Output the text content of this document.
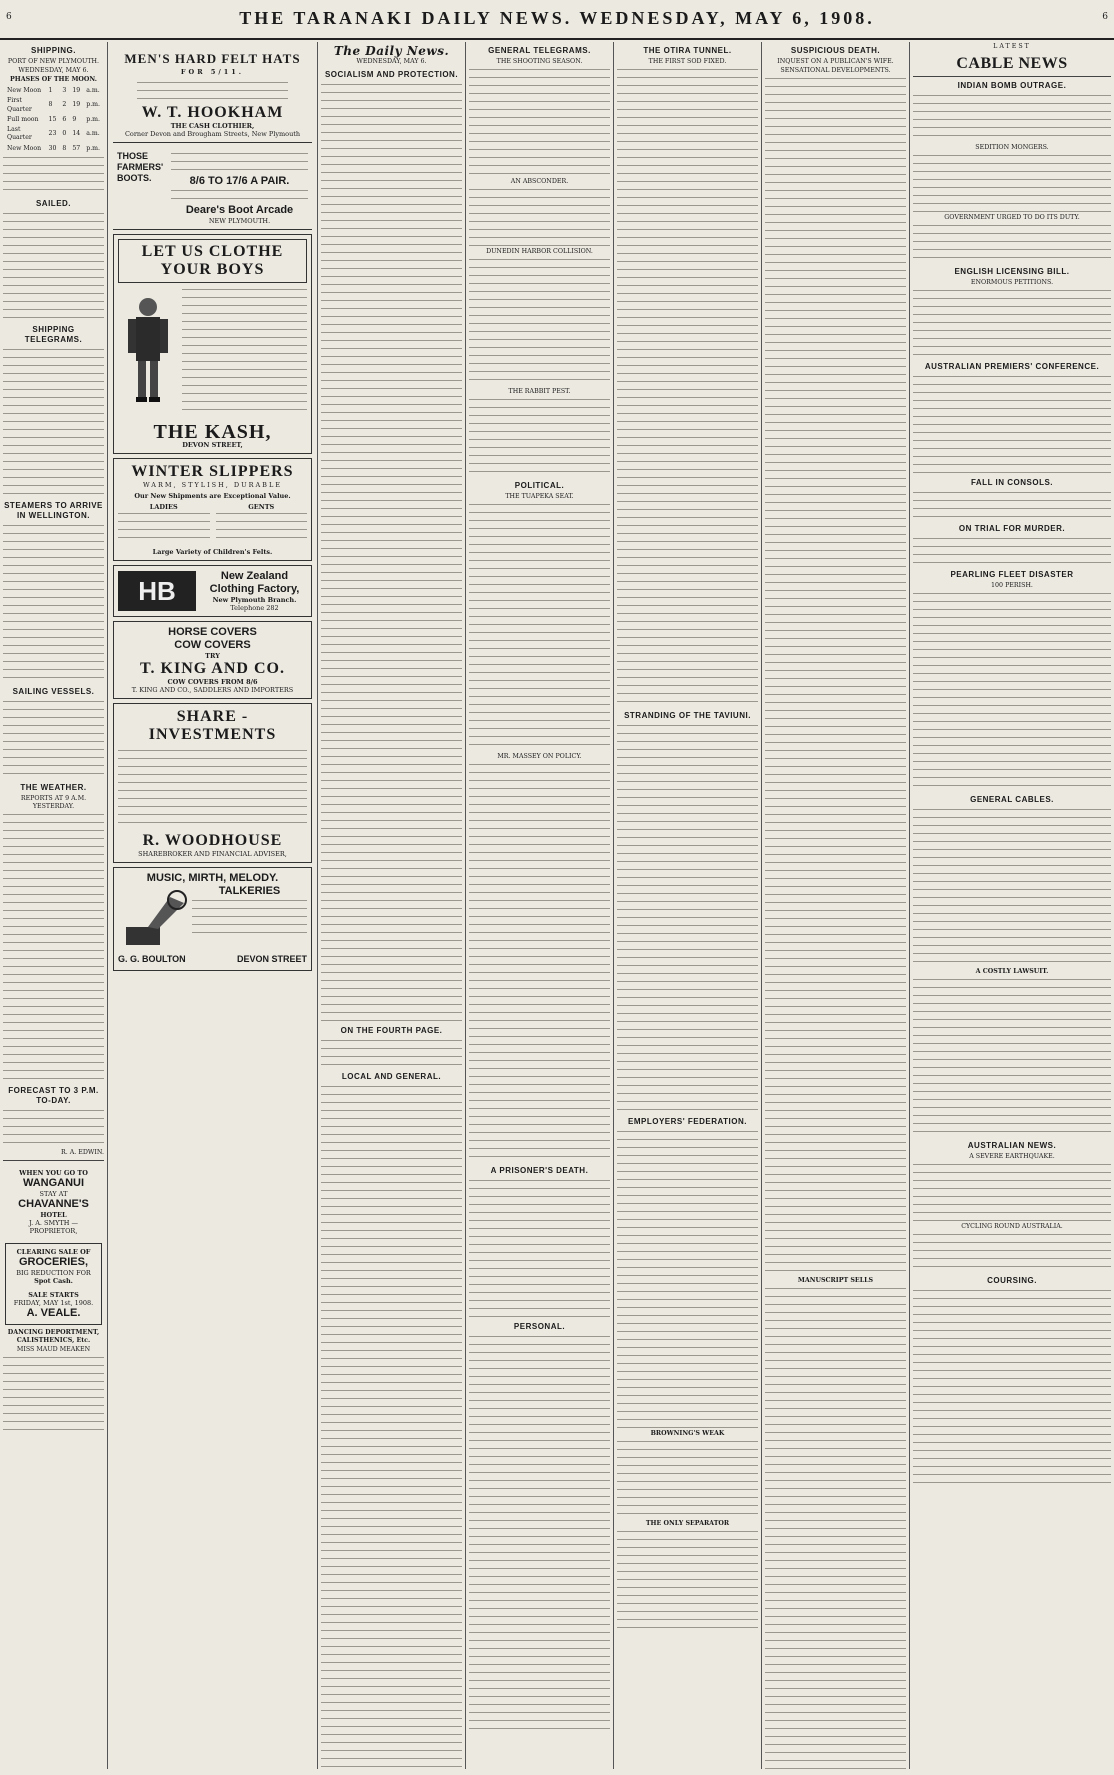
6	THE TARANAKI DAILY NEWS. WEDNESDAY, MAY 6, 1908.	6
SHIPPING.
PORT OF NEW PLYMOUTH.
WEDNESDAY, MAY 6.
PHASES OF THE MOON.
New Moon	1	3	19	a.m.
First Quarter	8	2	19	p.m.
Full moon	15	6	9	p.m.
Last Quarter	23	0	14	a.m.
New Moon	30	8	57	p.m.
SAILED.
SHIPPING TELEGRAMS.
STEAMERS TO ARRIVE IN WELLINGTON.
SAILING VESSELS.
THE WEATHER.
REPORTS AT 9 A.M. YESTERDAY.
FORECAST TO 3 P.M. TO-DAY.
R. A. EDWIN.
WHEN YOU GO TO
WANGANUI
STAY AT
CHAVANNE'S
HOTEL
J. A. SMYTH — PROPRIETOR,
CLEARING SALE OF
GROCERIES,
BIG REDUCTION FOR
Spot Cash.
SALE STARTS
FRIDAY, MAY 1st, 1908.
A. VEALE.
DANCING DEPORTMENT, CALISTHENICS, Etc.
MISS MAUD MEAKEN
MEN'S HARD FELT HATS
FOR 5/11.
W. T. HOOKHAM
THE CASH CLOTHIER,
Corner Devon and Brougham Streets, New Plymouth
THOSE FARMERS' BOOTS.	8/6 TO 17/6 A PAIR.
Deare's Boot Arcade
NEW PLYMOUTH.
LET US CLOTHE YOUR BOYS
THE KASH,
DEVON STREET,
WINTER SLIPPERS
WARM, STYLISH, DURABLE
Our New Shipments are Exceptional Value.
LADIES	GENTS
Large Variety of Children's Felts.
HB	New Zealand Clothing Factory,
New Plymouth Branch.
Telephone 282
HORSE COVERS
COW COVERS
TRY
T. KING AND CO.
COW COVERS FROM 8/6
T. KING AND CO., SADDLERS AND IMPORTERS
SHARE - INVESTMENTS
R. WOODHOUSE
SHAREBROKER AND FINANCIAL ADVISER,
MUSIC, MIRTH, MELODY.
TALKERIES
G. G. BOULTON	DEVON STREET
The Daily News.
WEDNESDAY, MAY 6.
SOCIALISM AND PROTECTION.
ON THE FOURTH PAGE.
LOCAL AND GENERAL.
GENERAL TELEGRAMS.
THE SHOOTING SEASON.
AN ABSCONDER.
DUNEDIN HARBOR COLLISION.
THE RABBIT PEST.
POLITICAL.
THE TUAPEKA SEAT.
MR. MASSEY ON POLICY.
A PRISONER'S DEATH.
PERSONAL.
THE OTIRA TUNNEL.
THE FIRST SOD FIXED.
STRANDING OF THE TAVIUNI.
EMPLOYERS' FEDERATION.
BROWNING'S WEAK
THE ONLY SEPARATOR
SUSPICIOUS DEATH.
INQUEST ON A PUBLICAN'S WIFE.
SENSATIONAL DEVELOPMENTS.
MANUSCRIPT SELLS
LATEST
CABLE NEWS
INDIAN BOMB OUTRAGE.
SEDITION MONGERS.
GOVERNMENT URGED TO DO ITS DUTY.
ENGLISH LICENSING BILL.
ENORMOUS PETITIONS.
AUSTRALIAN PREMIERS' CONFERENCE.
FALL IN CONSOLS.
ON TRIAL FOR MURDER.
PEARLING FLEET DISASTER
100 PERISH.
GENERAL CABLES.
A COSTLY LAWSUIT.
AUSTRALIAN NEWS.
A SEVERE EARTHQUAKE.
CYCLING ROUND AUSTRALIA.
COURSING.
